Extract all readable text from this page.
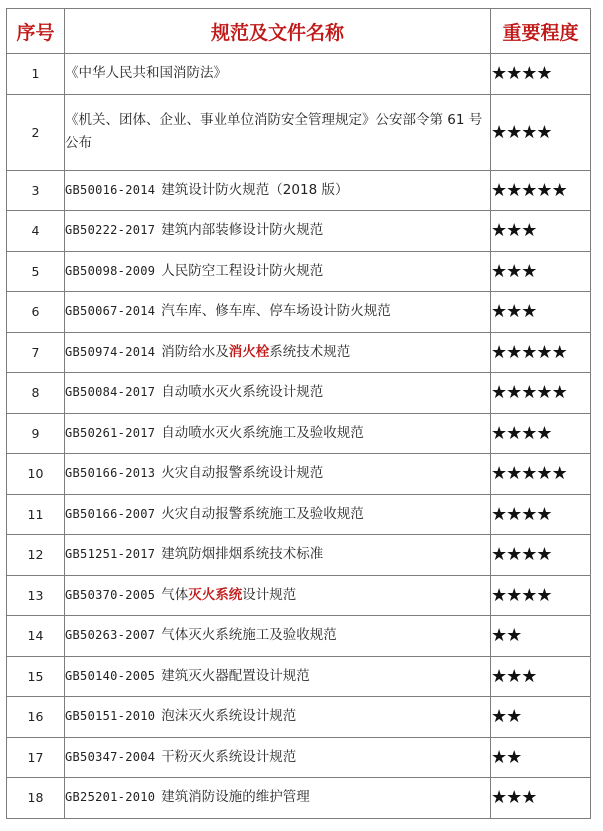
序号	规范及文件名称	重要程度
1	《中华人民共和国消防法》	★★★★
2	《机关、团体、企业、事业单位消防安全管理规定》公安部令第 61 号公布	★★★★
3	GB50016-2014 建筑设计防火规范（2018 版）	★★★★★
4	GB50222-2017 建筑内部装修设计防火规范	★★★
5	GB50098-2009 人民防空工程设计防火规范	★★★
6	GB50067-2014 汽车库、修车库、停车场设计防火规范	★★★
7	GB50974-2014 消防给水及消火栓系统技术规范	★★★★★
8	GB50084-2017 自动喷水灭火系统设计规范	★★★★★
9	GB50261-2017 自动喷水灭火系统施工及验收规范	★★★★
10	GB50166-2013 火灾自动报警系统设计规范	★★★★★
11	GB50166-2007 火灾自动报警系统施工及验收规范	★★★★
12	GB51251-2017 建筑防烟排烟系统技术标准	★★★★
13	GB50370-2005 气体灭火系统设计规范	★★★★
14	GB50263-2007 气体灭火系统施工及验收规范	★★
15	GB50140-2005 建筑灭火器配置设计规范	★★★
16	GB50151-2010 泡沫灭火系统设计规范	★★
17	GB50347-2004 干粉灭火系统设计规范	★★
18	GB25201-2010 建筑消防设施的维护管理	★★★
